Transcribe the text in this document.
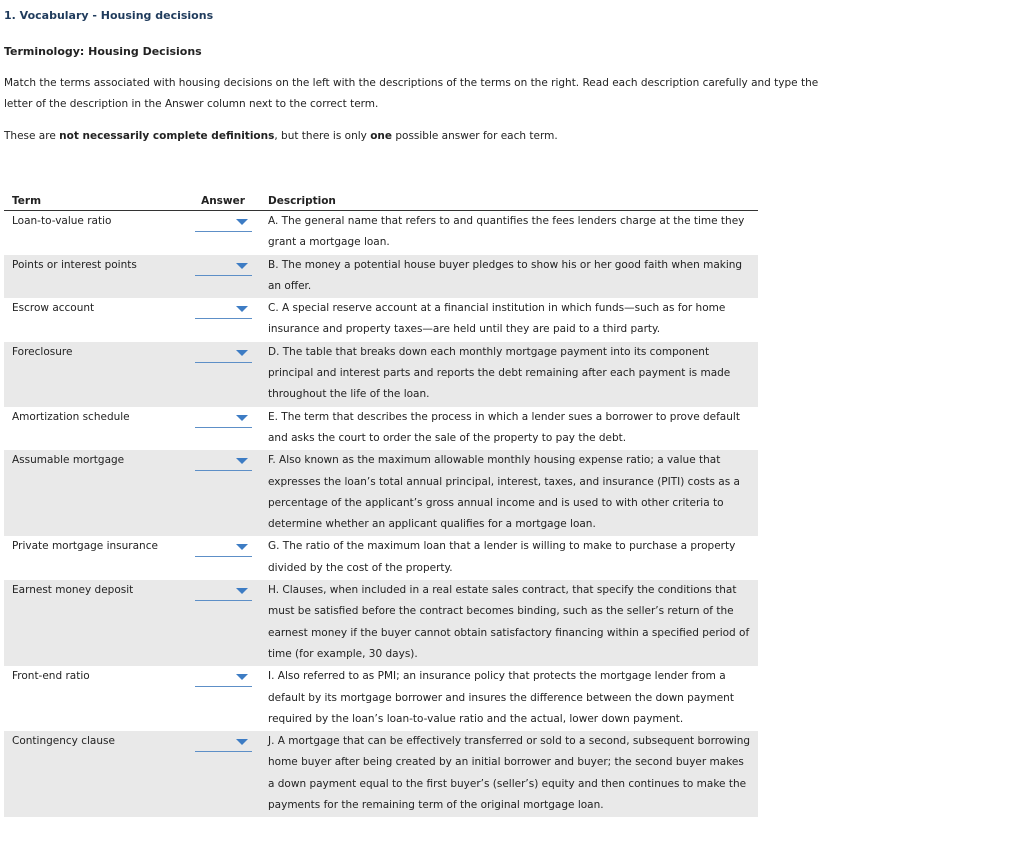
1. Vocabulary - Housing decisions
Terminology: Housing Decisions
Match the terms associated with housing decisions on the left with the descriptions of the terms on the right. Read each description carefully and type the letter of the description in the Answer column next to the correct term.
These are not necessarily complete definitions, but there is only one possible answer for each term.
Term	Answer	Description
Loan-to-value ratio		A. The general name that refers to and quantifies the fees lenders charge at the time they grant a mortgage loan.
Points or interest points		B. The money a potential house buyer pledges to show his or her good faith when making an offer.
Escrow account		C. A special reserve account at a financial institution in which funds—such as for home insurance and property taxes—are held until they are paid to a third party.
Foreclosure		D. The table that breaks down each monthly mortgage payment into its component principal and interest parts and reports the debt remaining after each payment is made throughout the life of the loan.
Amortization schedule		E. The term that describes the process in which a lender sues a borrower to prove default and asks the court to order the sale of the property to pay the debt.
Assumable mortgage		F. Also known as the maximum allowable monthly housing expense ratio; a value that expresses the loan’s total annual principal, interest, taxes, and insurance (PITI) costs as a percentage of the applicant’s gross annual income and is used to with other criteria to determine whether an applicant qualifies for a mortgage loan.
Private mortgage insurance		G. The ratio of the maximum loan that a lender is willing to make to purchase a property divided by the cost of the property.
Earnest money deposit		H. Clauses, when included in a real estate sales contract, that specify the conditions that must be satisfied before the contract becomes binding, such as the seller’s return of the earnest money if the buyer cannot obtain satisfactory financing within a specified period of time (for example, 30 days).
Front-end ratio		I. Also referred to as PMI; an insurance policy that protects the mortgage lender from a default by its mortgage borrower and insures the difference between the down payment required by the loan’s loan-to-value ratio and the actual, lower down payment.
Contingency clause		J. A mortgage that can be effectively transferred or sold to a second, subsequent borrowing home buyer after being created by an initial borrower and buyer; the second buyer makes a down payment equal to the first buyer’s (seller’s) equity and then continues to make the payments for the remaining term of the original mortgage loan.
